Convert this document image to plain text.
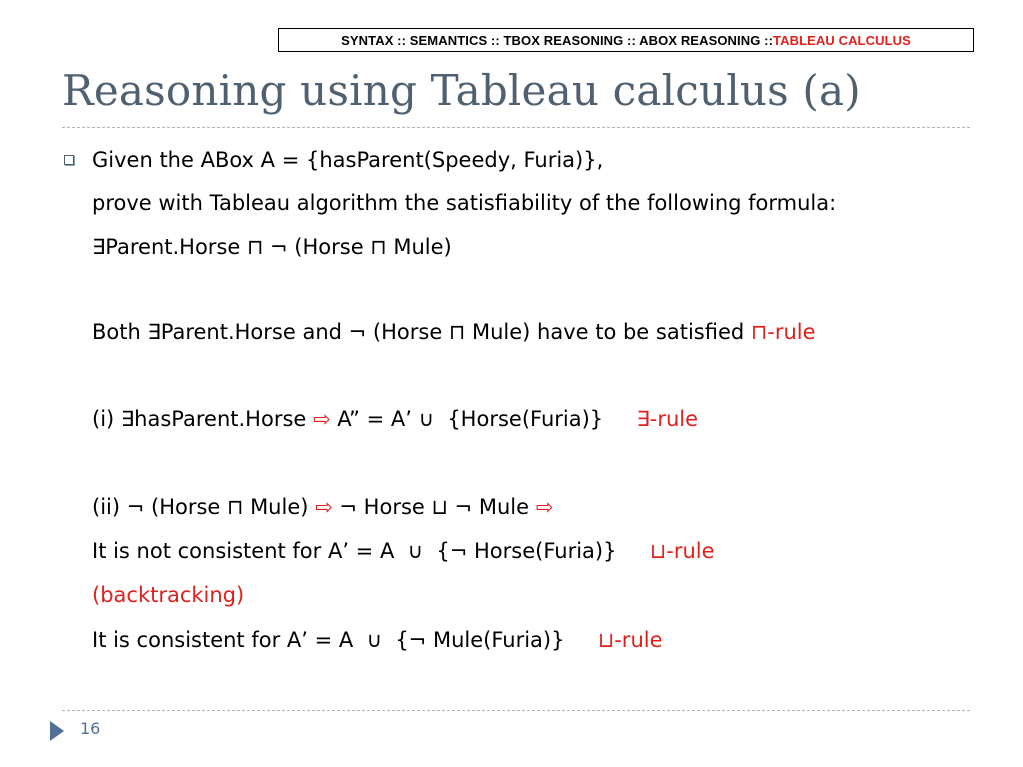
SYNTAX :: SEMANTICS :: TBOX REASONING :: ABOX REASONING :: TABLEAU CALCULUS
Reasoning using Tableau calculus (a)
Given the ABox A = {hasParent(Speedy, Furia)},
prove with Tableau algorithm the satisfiability of the following formula:
∃Parent.Horse ⊓ ¬ (Horse ⊓ Mule)
Both ∃Parent.Horse and ¬ (Horse ⊓ Mule) have to be satisfied ⊓-rule
(i) ∃hasParent.Horse ⇨ A” = A’ ∪  {Horse(Furia)}     ∃-rule
(ii) ¬ (Horse ⊓ Mule) ⇨ ¬ Horse ⊔ ¬ Mule ⇨
It is not consistent for A’ = A  ∪  {¬ Horse(Furia)}     ⊔-rule
(backtracking)
It is consistent for A’ = A  ∪  {¬ Mule(Furia)}     ⊔-rule
16
